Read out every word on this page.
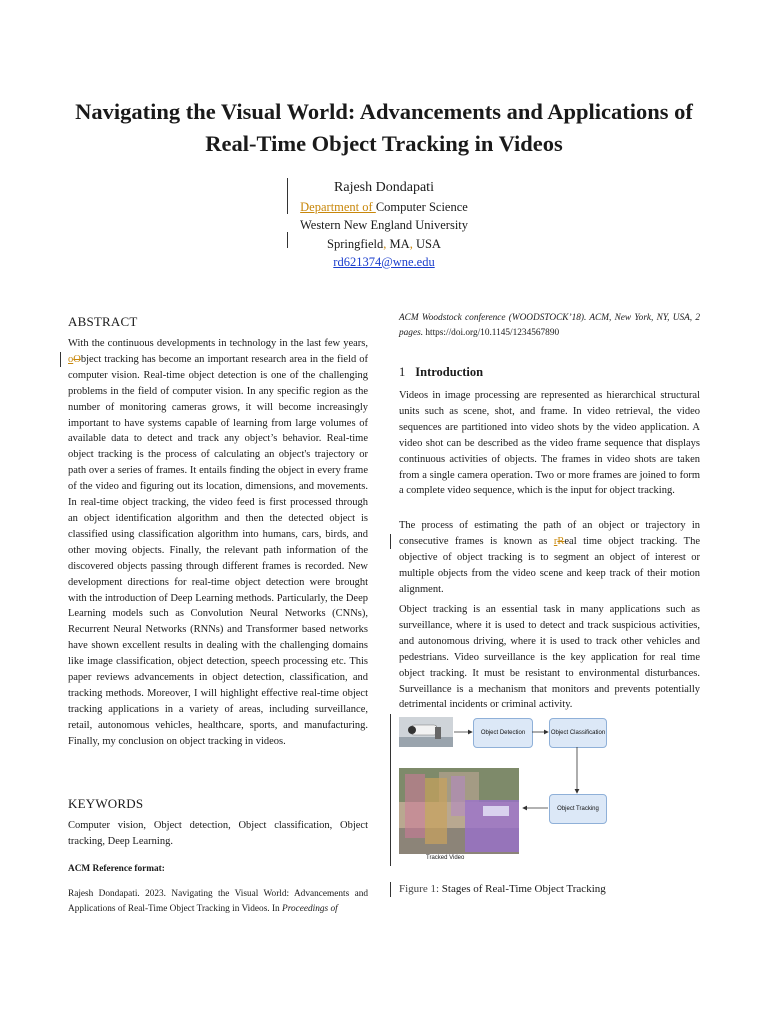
Navigating the Visual World: Advancements and Applications of
Real-Time Object Tracking in Videos
Rajesh Dondapati
Department of Computer Science
Western New England University
Springfield, MA, USA
rd621374@wne.edu
ABSTRACT

With the continuous developments in technology in the last few years, oObject tracking has become an important research area in the field of computer vision. Real-time object detection is one of the challenging problems in the field of computer vision. In any specific region as the number of monitoring cameras grows, it will become increasingly important to have systems capable of learning from large volumes of available data to detect and track any object’s behavior. Real-time object tracking is the process of calculating an object's trajectory or path over a series of frames. It entails finding the object in every frame of the video and figuring out its location, dimensions, and movements. In real-time object tracking, the video feed is first processed through an object identification algorithm and then the detected object is classified using classification algorithm into humans, cars, birds, and other moving objects. Finally, the relevant path information of the discovered objects passing through different frames is recorded. New development directions for real-time object detection were brought with the introduction of Deep Learning methods. Particularly, the Deep Learning models such as Convolution Neural Networks (CNNs), Recurrent Neural Networks (RNNs) and Transformer based networks have shown excellent results in dealing with the challenging domains like image classification, object detection, speech processing etc. This paper reviews advancements in object detection, classification, and tracking methods. Moreover, I will highlight effective real-time object tracking applications in a variety of areas, including surveillance, retail, autonomous vehicles, healthcare, sports, and manufacturing. Finally, my conclusion on object tracking in videos.

KEYWORDS
Computer vision, Object detection, Object classification, Object tracking, Deep Learning.
ACM Reference format:
Rajesh Dondapati. 2023. Navigating the Visual World: Advancements and Applications of Real-Time Object Tracking in Videos. In Proceedings of
ACM Woodstock conference (WOODSTOCK’18). ACM, New York, NY, USA, 2 pages. https://doi.org/10.1145/1234567890
1 Introduction
Videos in image processing are represented as hierarchical structural units such as scene, shot, and frame. In video retrieval, the video sequences are partitioned into video shots by the video application. A video shot can be described as the video frame sequence that displays continuous activities of objects. The frames in video shots are taken from a single camera operation. Two or more frames are joined to form a complete video sequence, which is the input for object tracking.

The process of estimating the path of an object or trajectory in consecutive frames is known as rReal time object tracking. The objective of object tracking is to segment an object of interest or multiple objects from the video scene and keep track of their motion alignment.

Object tracking is an essential task in many applications such as surveillance, where it is used to detect and track suspicious activities, and autonomous driving, where it is used to track other vehicles and pedestrians. Video surveillance is the key application for real time object tracking. It must be resistant to environmental disturbances. Surveillance is a mechanism that monitors and prevents potentially detrimental incidents or criminal activity.
Object Detection	Object Classification
Object Tracking
Tracked Video
Figure 1: Stages of Real-Time Object Tracking
